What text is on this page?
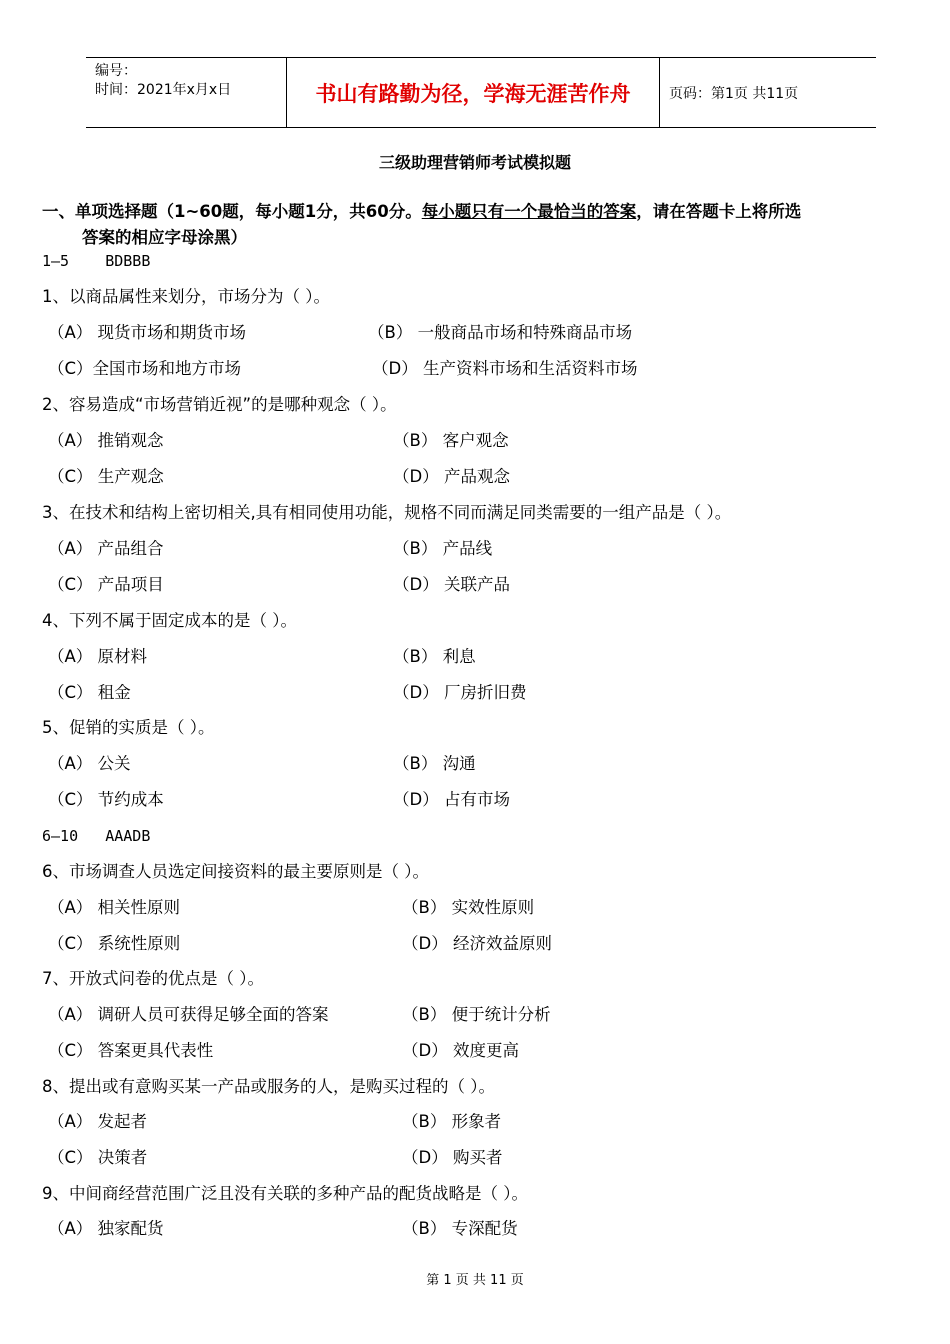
编号：
时间：2021年x月x日	书山有路勤为径，学海无涯苦作舟	页码：第1页 共11页
三级助理营销师考试模拟题
一、单项选择题（1~60题，每小题1分，共60分。每小题只有一个最恰当的答案，请在答题卡上将所选
答案的相应字母涂黑）
1—5 BDBBB
1、以商品属性来划分，市场分为（ ）。
（A） 现货市场和期货市场	（B） 一般商品市场和特殊商品市场
（C）全国市场和地方市场	（D） 生产资料市场和生活资料市场
2、容易造成“市场营销近视”的是哪种观念（ ）。
（A） 推销观念	（B） 客户观念
（C） 生产观念	（D） 产品观念
3、在技术和结构上密切相关,具有相同使用功能，规格不同而满足同类需要的一组产品是（ ）。
（A） 产品组合	（B） 产品线
（C） 产品项目	（D） 关联产品
4、下列不属于固定成本的是（ ）。
（A） 原材料	（B） 利息
（C） 租金	（D） 厂房折旧费
5、促销的实质是（ ）。
（A） 公关	（B） 沟通
（C） 节约成本	（D） 占有市场
6—10 AAADB
6、市场调查人员选定间接资料的最主要原则是（ ）。
（A） 相关性原则	（B） 实效性原则
（C） 系统性原则	（D） 经济效益原则
7、开放式问卷的优点是（ ）。
（A） 调研人员可获得足够全面的答案	（B） 便于统计分析
（C） 答案更具代表性	（D） 效度更高
8、提出或有意购买某一产品或服务的人，是购买过程的（ ）。
（A） 发起者	（B） 形象者
（C） 决策者	（D） 购买者
9、中间商经营范围广泛且没有关联的多种产品的配货战略是（ ）。
（A） 独家配货	（B） 专深配货
第 1 页 共 11 页
